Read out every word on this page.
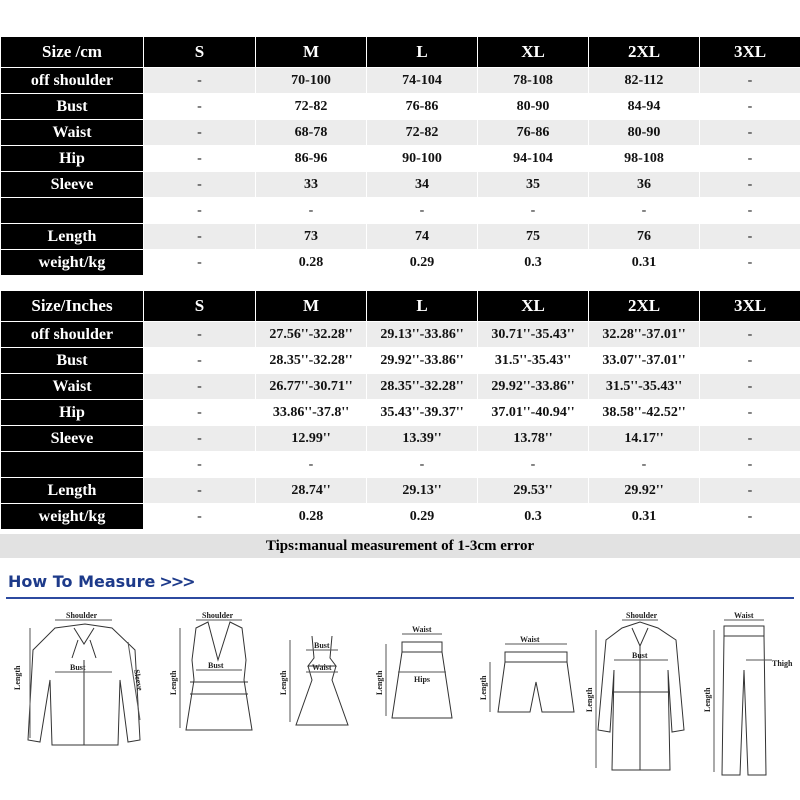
Size /cm	S	M	L	XL	2XL	3XL
off shoulder	-	70-100	74-104	78-108	82-112	-
Bust	-	72-82	76-86	80-90	84-94	-
Waist	-	68-78	72-82	76-86	80-90	-
Hip	-	86-96	90-100	94-104	98-108	-
Sleeve	-	33	34	35	36	-
	-	-	-	-	-	-
Length	-	73	74	75	76	-
weight/kg	-	0.28	0.29	0.3	0.31	-
Size/Inches	S	M	L	XL	2XL	3XL
off shoulder	-	27.56''-32.28''	29.13''-33.86''	30.71''-35.43''	32.28''-37.01''	-
Bust	-	28.35''-32.28''	29.92''-33.86''	31.5''-35.43''	33.07''-37.01''	-
Waist	-	26.77''-30.71''	28.35''-32.28''	29.92''-33.86''	31.5''-35.43''	-
Hip	-	33.86''-37.8''	35.43''-39.37''	37.01''-40.94''	38.58''-42.52''	-
Sleeve	-	12.99''	13.39''	13.78''	14.17''	-
	-	-	-	-	-	-
Length	-	28.74''	29.13''	29.53''	29.92''	-
weight/kg	-	0.28	0.29	0.3	0.31	-
Tips:manual measurement of 1-3cm error
How To Measure >>>
Shoulder
Bust
Length	Sleeve
Shoulder
Bust
Length
Bust
Waist
Length
Waist
Hips
Length
Waist
Length
Shoulder
Bust
Length
Waist
Thigh
Length
